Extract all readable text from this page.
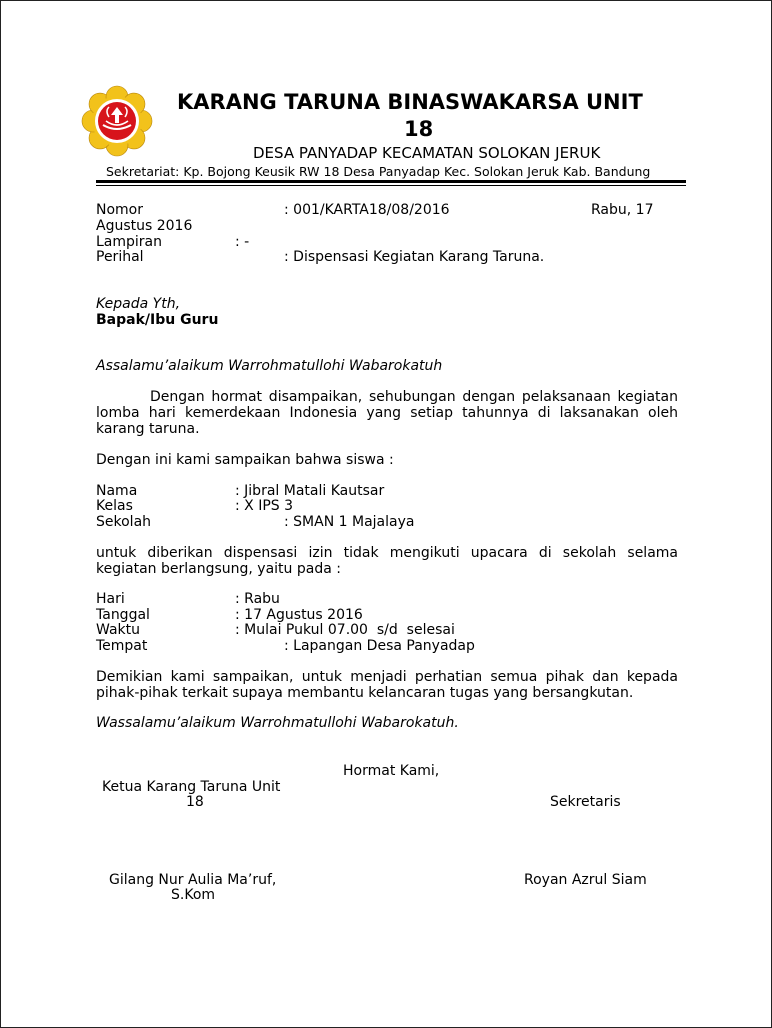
KARANG TARUNA BINASWAKARSA UNIT
18
DESA PANYADAP KECAMATAN SOLOKAN JERUK
Sekretariat: Kp. Bojong Keusik RW 18 Desa Panyadap Kec. Solokan Jeruk Kab. Bandung
Nomor	: 001/KARTA18/08/2016	Rabu, 17
Agustus 2016
Lampiran	: -
Perihal	: Dispensasi Kegiatan Karang Taruna.
Kepada Yth,
Bapak/Ibu Guru
Assalamu’alaikum Warrohmatullohi Wabarokatuh
Dengan hormat disampaikan, sehubungan dengan pelaksanaan kegiatan lomba hari kemerdekaan Indonesia yang setiap tahunnya di laksanakan oleh karang taruna.
Dengan ini kami sampaikan bahwa siswa :
Nama	: Jibral Matali Kautsar
Kelas	: X IPS 3
Sekolah	: SMAN 1 Majalaya
untuk diberikan dispensasi izin tidak mengikuti upacara di sekolah selama kegiatan berlangsung, yaitu pada :
Hari	: Rabu
Tanggal	: 17 Agustus 2016
Waktu	: Mulai Pukul 07.00  s/d  selesai
Tempat	: Lapangan Desa Panyadap
Demikian kami sampaikan, untuk menjadi perhatian semua pihak dan kepada pihak-pihak terkait supaya membantu kelancaran tugas yang bersangkutan.
Wassalamu’alaikum Warrohmatullohi Wabarokatuh.
Hormat Kami,
Ketua Karang Taruna Unit
18	Sekretaris
Gilang Nur Aulia Ma’ruf,
S.Kom
Royan Azrul Siam
